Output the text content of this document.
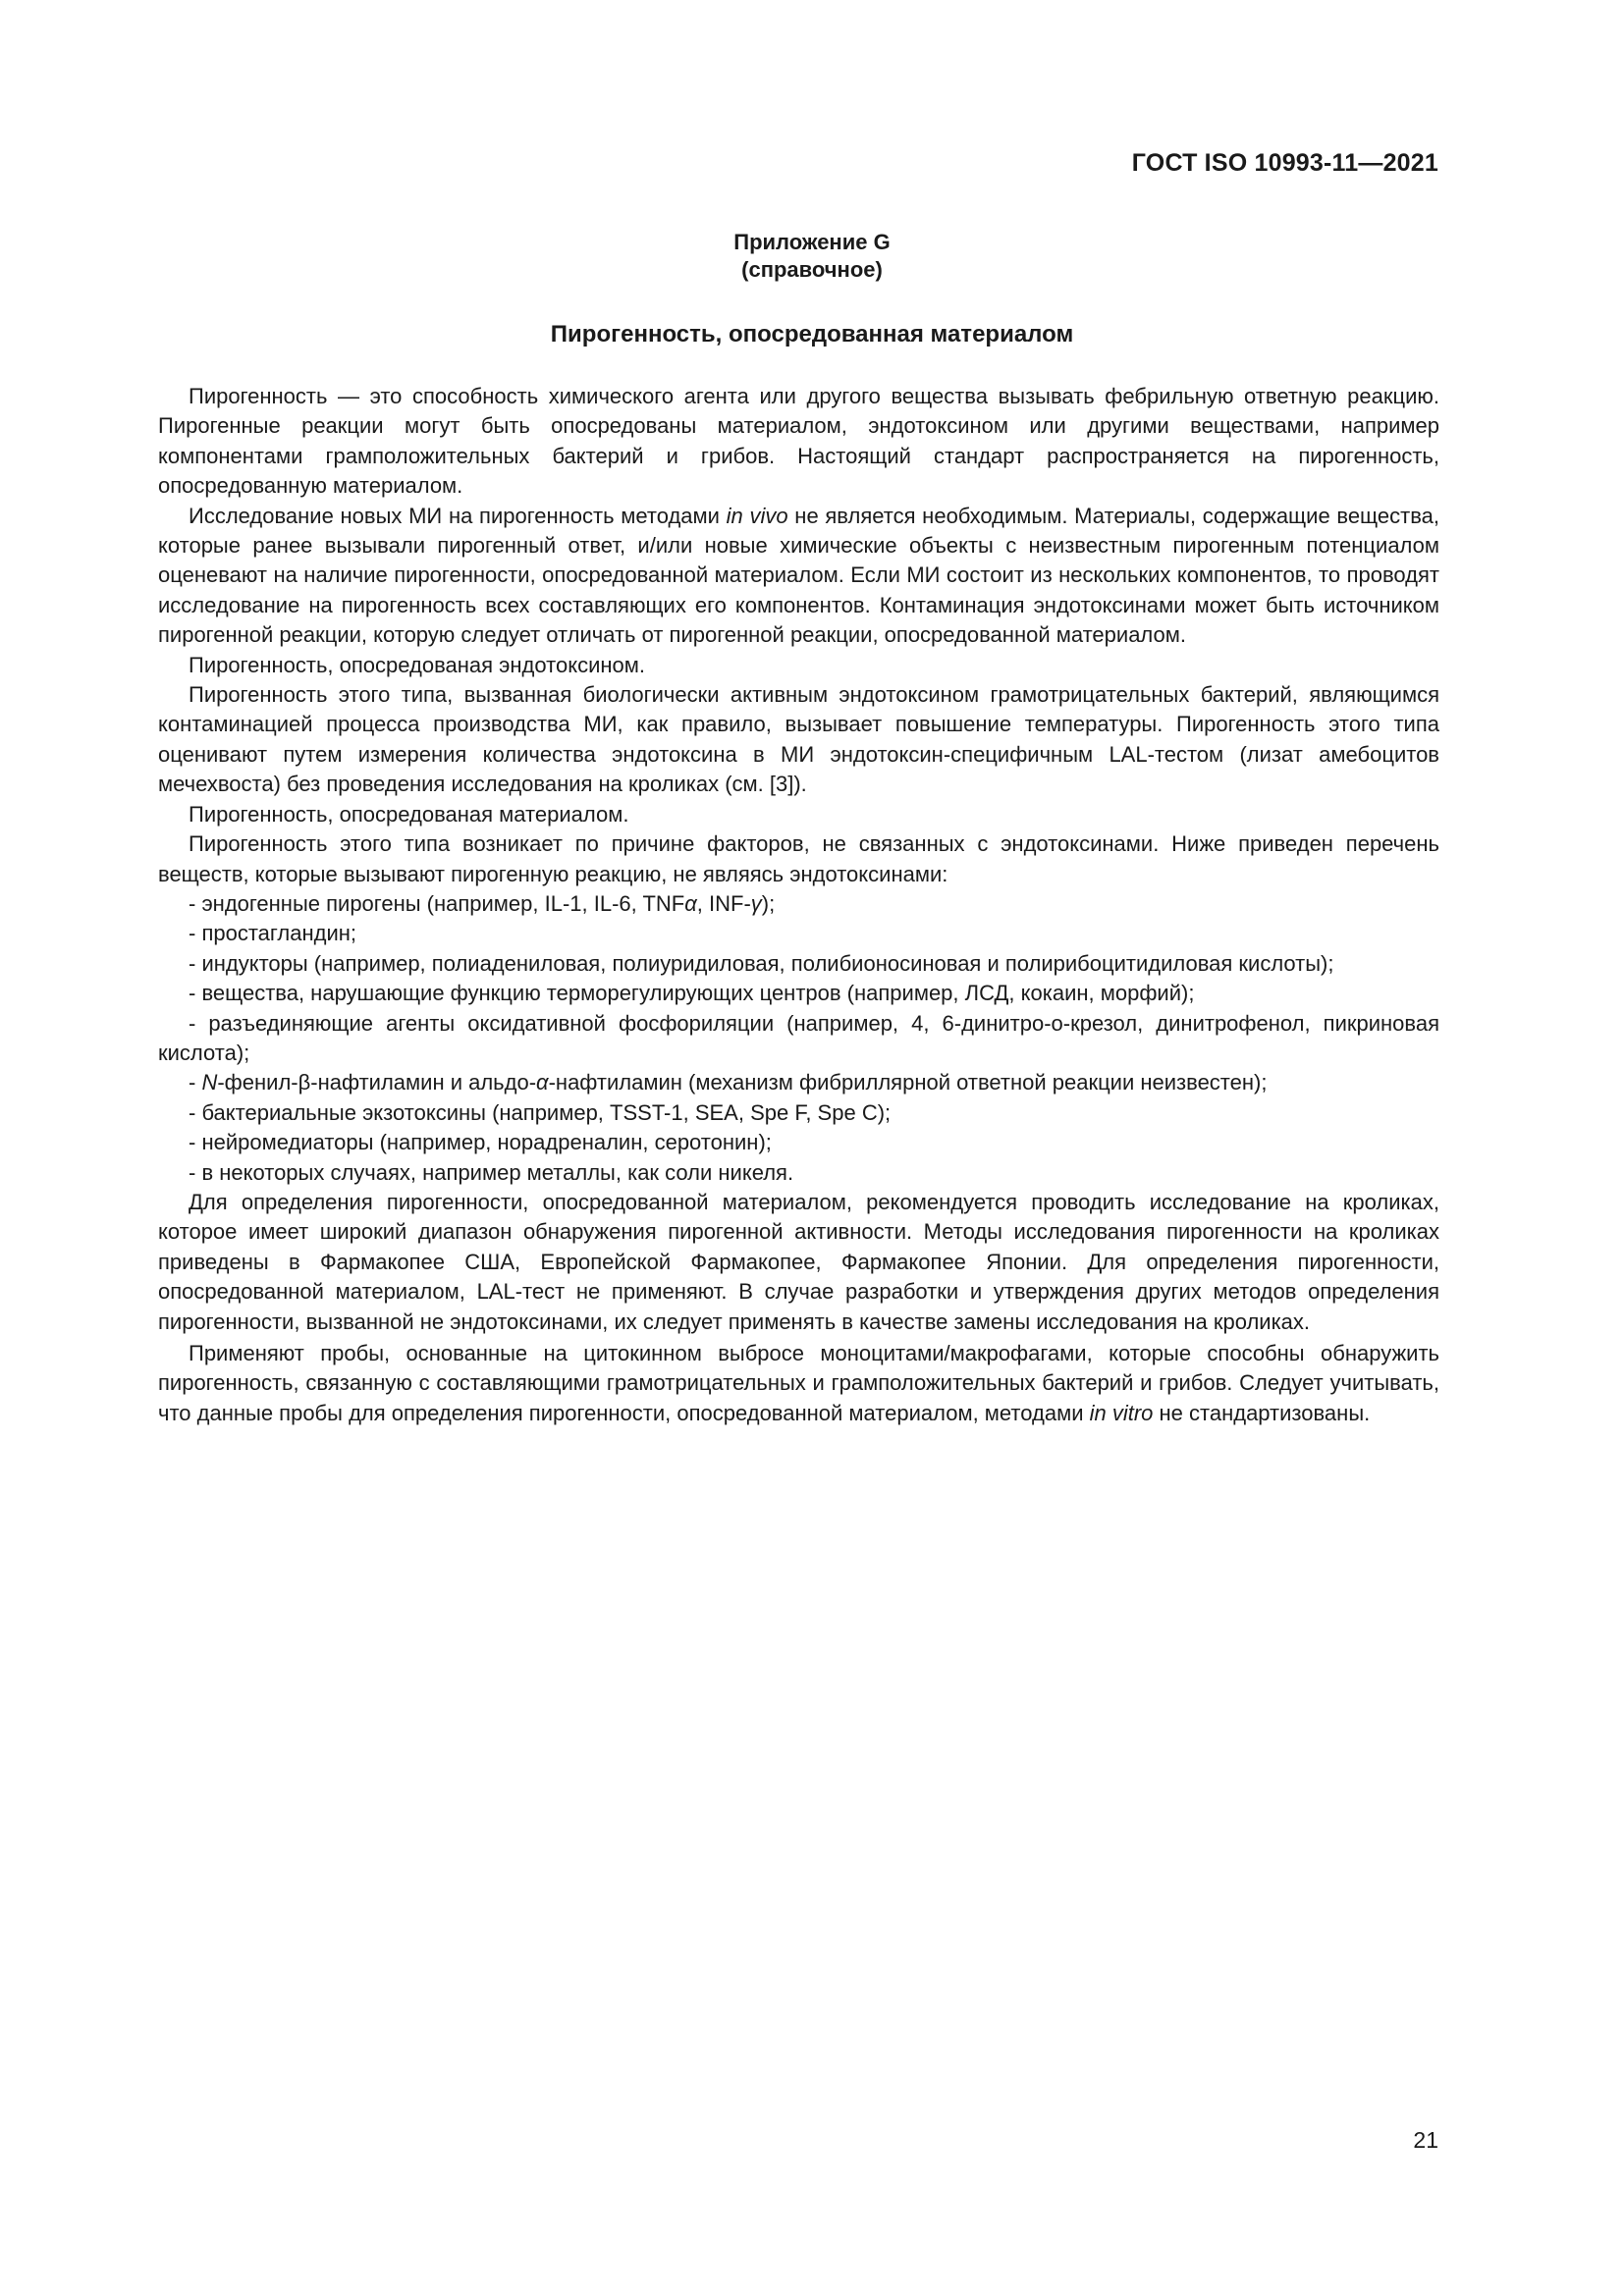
ГОСТ ISO 10993-11—2021
Приложение G
(справочное)
Пирогенность, опосредованная материалом

Пирогенность — это способность химического агента или другого вещества вызывать фебрильную ответную реакцию. Пирогенные реакции могут быть опосредованы материалом, эндотоксином или другими веществами, например компонентами грамположительных бактерий и грибов. Настоящий стандарт распространяется на пирогенность, опосредованную материалом.

Исследование новых МИ на пирогенность методами in vivo не является необходимым. Материалы, содержащие вещества, которые ранее вызывали пирогенный ответ, и/или новые химические объекты с неизвестным пирогенным потенциалом оценевают на наличие пирогенности, опосредованной материалом. Если МИ состоит из нескольких компонентов, то проводят исследование на пирогенность всех составляющих его компонентов. Контаминация эндотоксинами может быть источником пирогенной реакции, которую следует отличать от пирогенной реакции, опосредованной материалом.

Пирогенность, опосредованая эндотоксином.

Пирогенность этого типа, вызванная биологически активным эндотоксином грамотрицательных бактерий, являющимся контаминацией процесса производства МИ, как правило, вызывает повышение температуры. Пирогенность этого типа оценивают путем измерения количества эндотоксина в МИ эндотоксин-специфичным LAL-тестом (лизат амебоцитов мечехвоста) без проведения исследования на кроликах (см. [3]).

Пирогенность, опосредованая материалом.

Пирогенность этого типа возникает по причине факторов, не связанных с эндотоксинами. Ниже приведен перечень веществ, которые вызывают пирогенную реакцию, не являясь эндотоксинами:

- эндогенные пирогены (например, IL-1, IL-6, TNFα, INF-γ);

- простагландин;

- индукторы (например, полиадениловая, полиуридиловая, полибионосиновая и полирибоцитидиловая кислоты);

- вещества, нарушающие функцию терморегулирующих центров (например, ЛСД, кокаин, морфий);

- разъединяющие агенты оксидативной фосфориляции (например, 4, 6-динитро-о-крезол, динитрофенол, пикриновая кислота);

- N-фенил-β-нафтиламин и альдо-α-нафтиламин (механизм фибриллярной ответной реакции неизвестен);

- бактериальные экзотоксины (например, TSST-1, SEA, Spe F, Spe C);

- нейромедиаторы (например, норадреналин, серотонин);

- в некоторых случаях, например металлы, как соли никеля.

Для определения пирогенности, опосредованной материалом, рекомендуется проводить исследование на кроликах, которое имеет широкий диапазон обнаружения пирогенной активности. Методы исследования пирогенности на кроликах приведены в Фармакопее США, Европейской Фармакопее, Фармакопее Японии. Для определения пирогенности, опосредованной материалом, LAL-тест не применяют. В случае разработки и утверждения других методов определения пирогенности, вызванной не эндотоксинами, их следует применять в качестве замены исследования на кроликах.

Применяют пробы, основанные на цитокинном выбросе моноцитами/макрофагами, которые способны обнаружить пирогенность, связанную с составляющими грамотрицательных и грамположительных бактерий и грибов. Следует учитывать, что данные пробы для определения пирогенности, опосредованной материалом, методами in vitro не стандартизованы.

21
